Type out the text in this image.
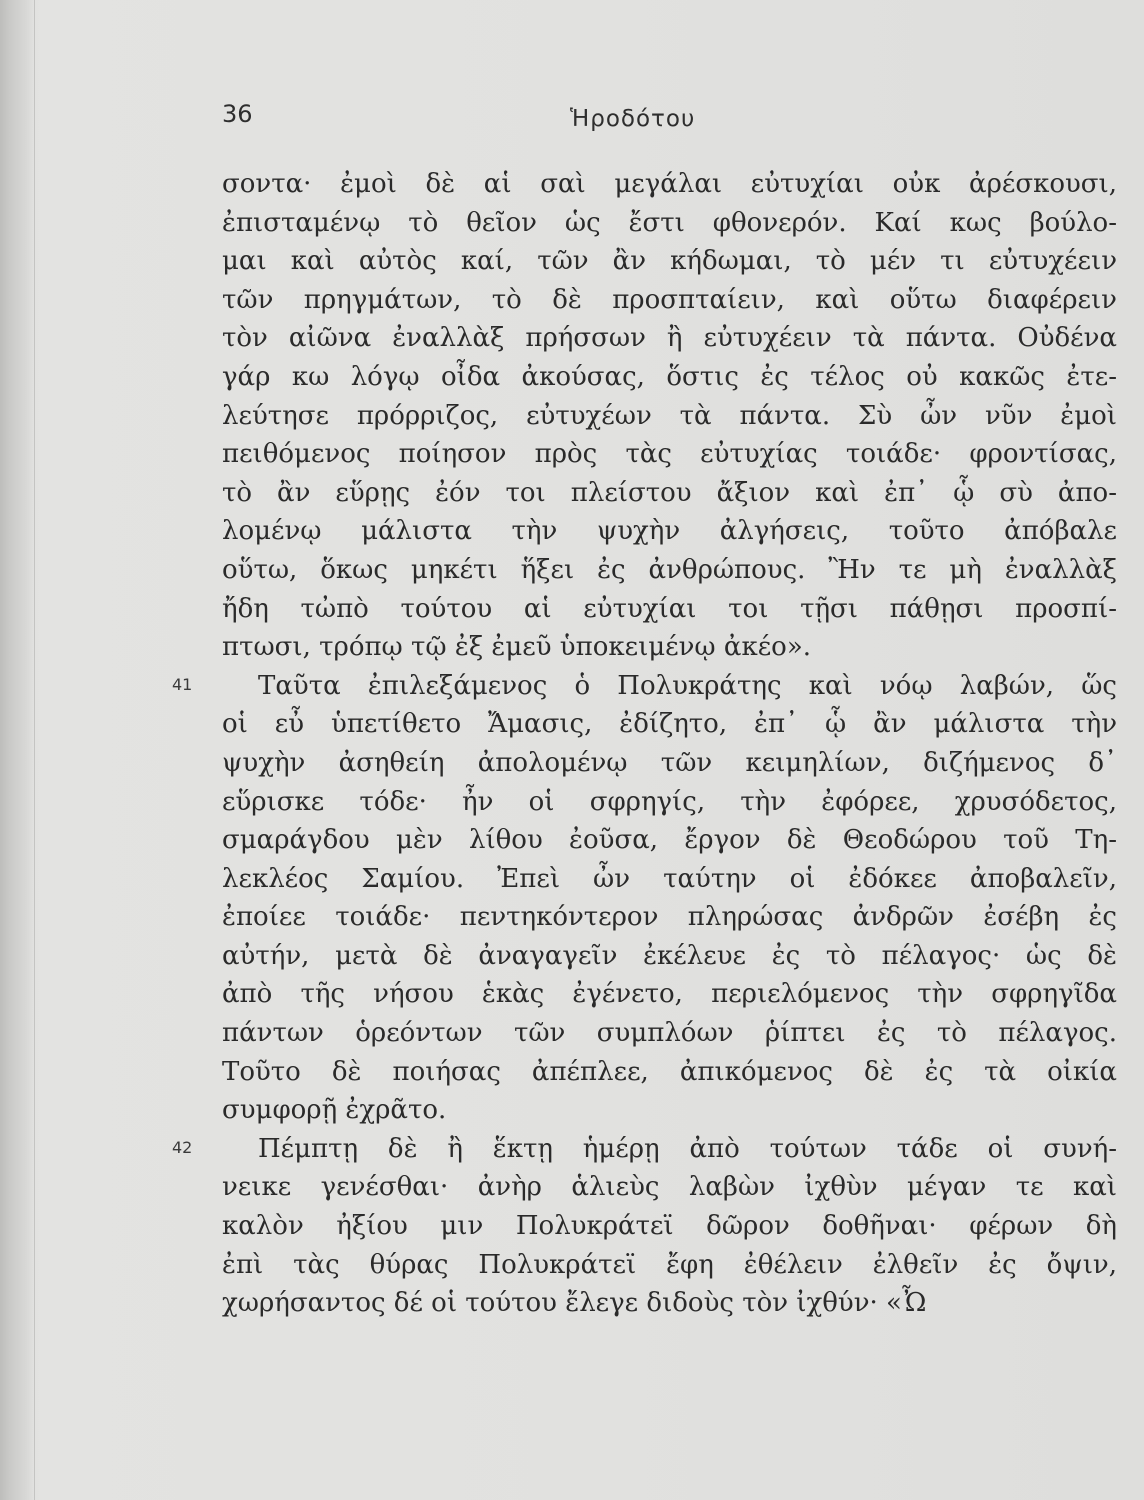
36	Ἡροδότου
σοντα· ἐμοὶ δὲ αἱ σαὶ μεγάλαι εὐτυχίαι οὐκ ἀρέσκουσι,
ἐπισταμένῳ τὸ θεῖον ὡς ἔστι φθονερόν. Καί κως βούλο-
μαι καὶ αὐτὸς καί, τῶν ἂν κήδωμαι, τὸ μέν τι εὐτυχέειν
τῶν πρηγμάτων, τὸ δὲ προσπταίειν, καὶ οὕτω διαφέρειν
τὸν αἰῶνα ἐναλλὰξ πρήσσων ἢ εὐτυχέειν τὰ πάντα. Οὐδένα
γάρ κω λόγῳ οἶδα ἀκούσας, ὅστις ἐς τέλος οὐ κακῶς ἐτε-
λεύτησε πρόρριζος, εὐτυχέων τὰ πάντα. Σὺ ὦν νῦν ἐμοὶ
πειθόμενος ποίησον πρὸς τὰς εὐτυχίας τοιάδε· φροντίσας,
τὸ ἂν εὕρῃς ἐόν τοι πλείστου ἄξιον καὶ ἐπ᾽ ᾧ σὺ ἀπο-
λομένῳ μάλιστα τὴν ψυχὴν ἀλγήσεις, τοῦτο ἀπόβαλε
οὕτω, ὅκως μηκέτι ἥξει ἐς ἀνθρώπους. Ἢν τε μὴ ἐναλλὰξ
ἤδη τὠπὸ τούτου αἱ εὐτυχίαι τοι τῇσι πάθῃσι προσπί-
πτωσι, τρόπῳ τῷ ἐξ ἐμεῦ ὑποκειμένῳ ἀκέο».
Ταῦτα ἐπιλεξάμενος ὁ Πολυκράτης καὶ νόῳ λαβών, ὥς
οἱ εὖ ὑπετίθετο Ἄμασις, ἐδίζητο, ἐπ᾽ ᾧ ἂν μάλιστα τὴν
ψυχὴν ἀσηθείη ἀπολομένῳ τῶν κειμηλίων, διζήμενος δ᾽
εὕρισκε τόδε· ἦν οἱ σφρηγίς, τὴν ἐφόρεε, χρυσόδετος,
σμαράγδου μὲν λίθου ἐοῦσα, ἔργον δὲ Θεοδώρου τοῦ Τη-
λεκλέος Σαμίου. Ἐπεὶ ὦν ταύτην οἱ ἐδόκεε ἀποβαλεῖν,
ἐποίεε τοιάδε· πεντηκόντερον πληρώσας ἀνδρῶν ἐσέβη ἐς
αὐτήν, μετὰ δὲ ἀναγαγεῖν ἐκέλευε ἐς τὸ πέλαγος· ὡς δὲ
ἀπὸ τῆς νήσου ἑκὰς ἐγένετο, περιελόμενος τὴν σφρηγῖδα
πάντων ὁρεόντων τῶν συμπλόων ῥίπτει ἐς τὸ πέλαγος.
Τοῦτο δὲ ποιήσας ἀπέπλεε, ἀπικόμενος δὲ ἐς τὰ οἰκία
συμφορῇ ἐχρᾶτο.
41
Πέμπτῃ δὲ ἢ ἕκτῃ ἡμέρῃ ἀπὸ τούτων τάδε οἱ συνή-
νεικε γενέσθαι· ἀνὴρ ἁλιεὺς λαβὼν ἰχθὺν μέγαν τε καὶ
καλὸν ἠξίου μιν Πολυκράτεϊ δῶρον δοθῆναι· φέρων δὴ
ἐπὶ τὰς θύρας Πολυκράτεϊ ἔφη ἐθέλειν ἐλθεῖν ἐς ὄψιν,
χωρήσαντος δέ οἱ τούτου ἔλεγε διδοὺς τὸν ἰχθύν· «Ὦ
42
